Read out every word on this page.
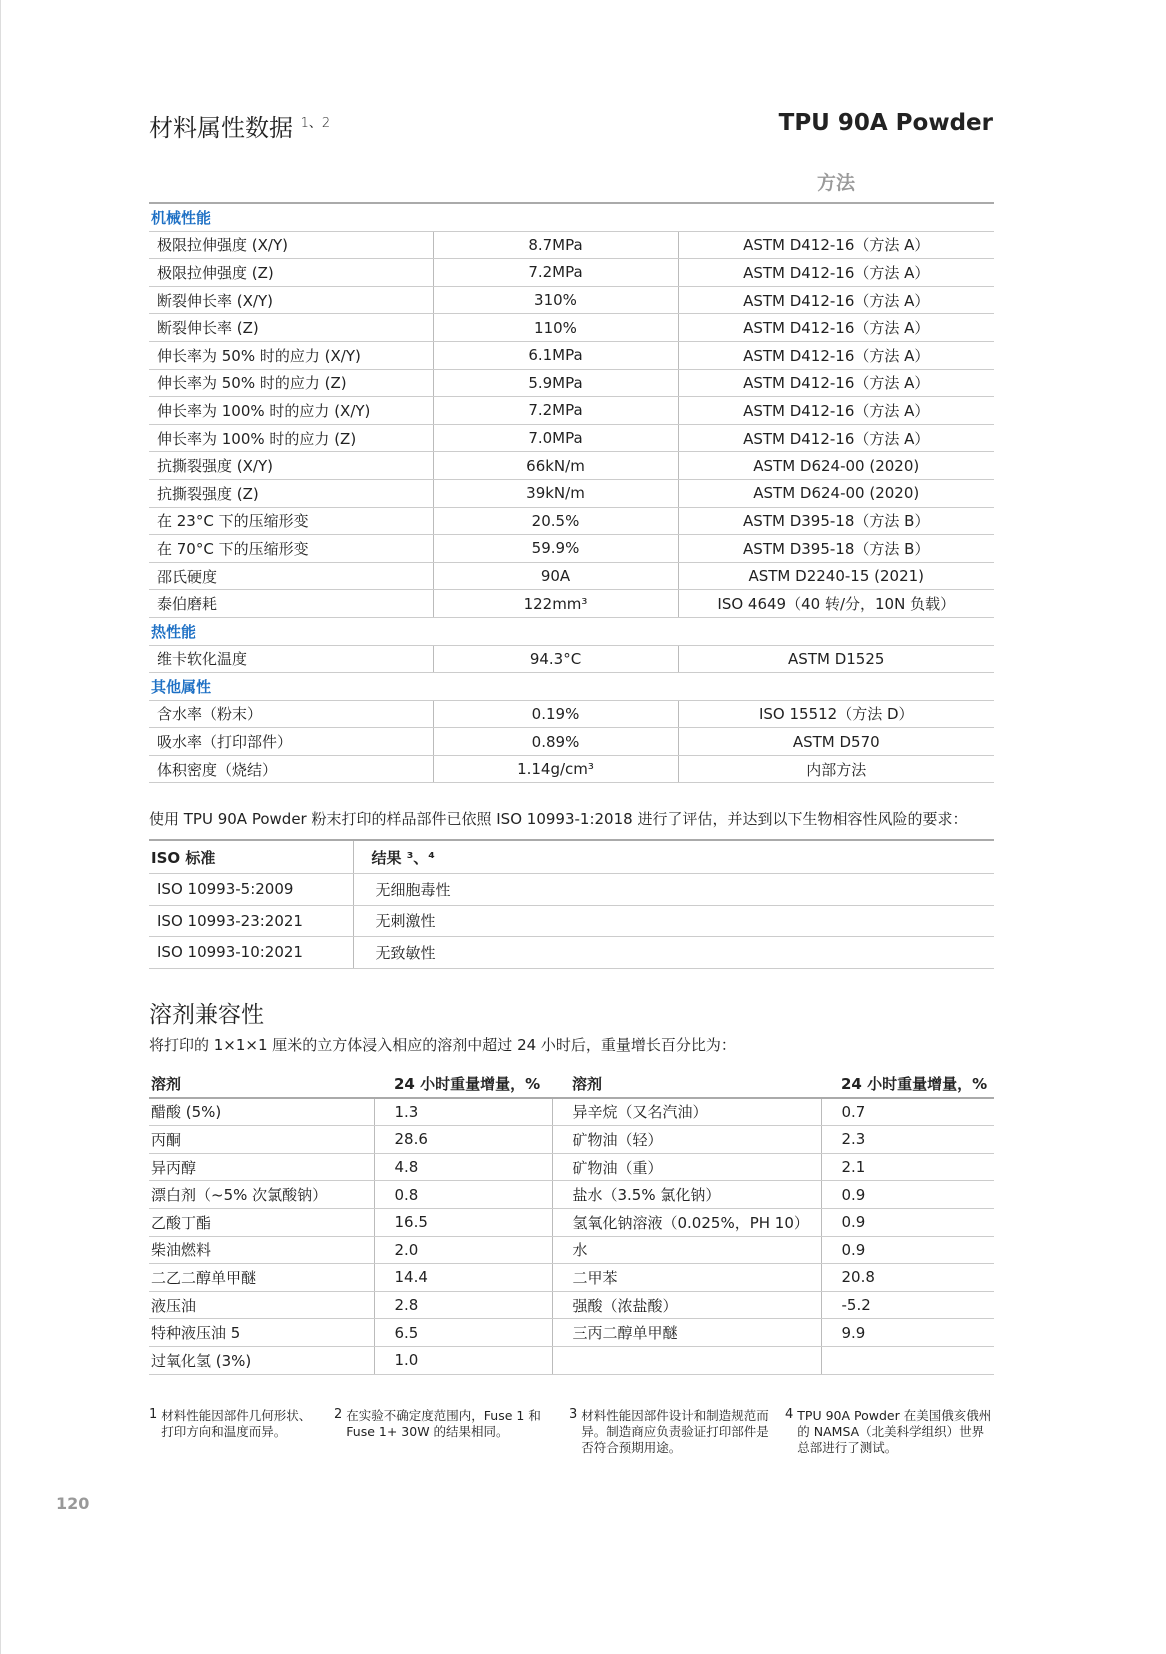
材料属性数据 $^{1、2}$	TPU 90A Powder
方法
机械性能		
极限拉伸强度 (X/Y)	8.7MPa	ASTM D412-16（方法 A）
极限拉伸强度 (Z)	7.2MPa	ASTM D412-16（方法 A）
断裂伸长率 (X/Y)	310%	ASTM D412-16（方法 A）
断裂伸长率 (Z)	110%	ASTM D412-16（方法 A）
伸长率为 50% 时的应力 (X/Y)	6.1MPa	ASTM D412-16（方法 A）
伸长率为 50% 时的应力 (Z)	5.9MPa	ASTM D412-16（方法 A）
伸长率为 100% 时的应力 (X/Y)	7.2MPa	ASTM D412-16（方法 A）
伸长率为 100% 时的应力 (Z)	7.0MPa	ASTM D412-16（方法 A）
抗撕裂强度 (X/Y)	66kN/m	ASTM D624-00 (2020)
抗撕裂强度 (Z)	39kN/m	ASTM D624-00 (2020)
在 23°C 下的压缩形变	20.5%	ASTM D395-18（方法 B）
在 70°C 下的压缩形变	59.9%	ASTM D395-18（方法 B）
邵氏硬度	90A	ASTM D2240-15 (2021)
泰伯磨耗	122mm³	ISO 4649（40 转/分，10N 负载）
热性能		
维卡软化温度	94.3°C	ASTM D1525
其他属性		
含水率（粉末）	0.19%	ISO 15512（方法 D）
吸水率（打印部件）	0.89%	ASTM D570
体积密度（烧结）	1.14g/cm³	内部方法
使用 TPU 90A Powder 粉末打印的样品部件已依照 ISO 10993-1:2018 进行了评估，并达到以下生物相容性风险的要求：
ISO 标准	结果 ³、⁴
ISO 10993-5:2009	无细胞毒性
ISO 10993-23:2021	无刺激性
ISO 10993-10:2021	无致敏性
溶剂兼容性
将打印的 1×1×1 厘米的立方体浸入相应的溶剂中超过 24 小时后，重量增长百分比为：
溶剂	24 小时重量增量，%	溶剂	24 小时重量增量，%
醋酸 (5%)	1.3	异辛烷（又名汽油）	0.7
丙酮	28.6	矿物油（轻）	2.3
异丙醇	4.8	矿物油（重）	2.1
漂白剂（~5% 次氯酸钠）	0.8	盐水（3.5% 氯化钠）	0.9
乙酸丁酯	16.5	氢氧化钠溶液（0.025%，PH 10）	0.9
柴油燃料	2.0	水	0.9
二乙二醇单甲醚	14.4	二甲苯	20.8
液压油	2.8	强酸（浓盐酸）	-5.2
特种液压油 5	6.5	三丙二醇单甲醚	9.9
过氧化氢 (3%)	1.0		
1 材料性能因部件几何形状、打印方向和温度而异。
2 在实验不确定度范围内，Fuse 1 和 Fuse 1+ 30W 的结果相同。
3 材料性能因部件设计和制造规范而异。制造商应负责验证打印部件是否符合预期用途。
4 TPU 90A Powder 在美国俄亥俄州的 NAMSA（北美科学组织）世界总部进行了测试。
120
